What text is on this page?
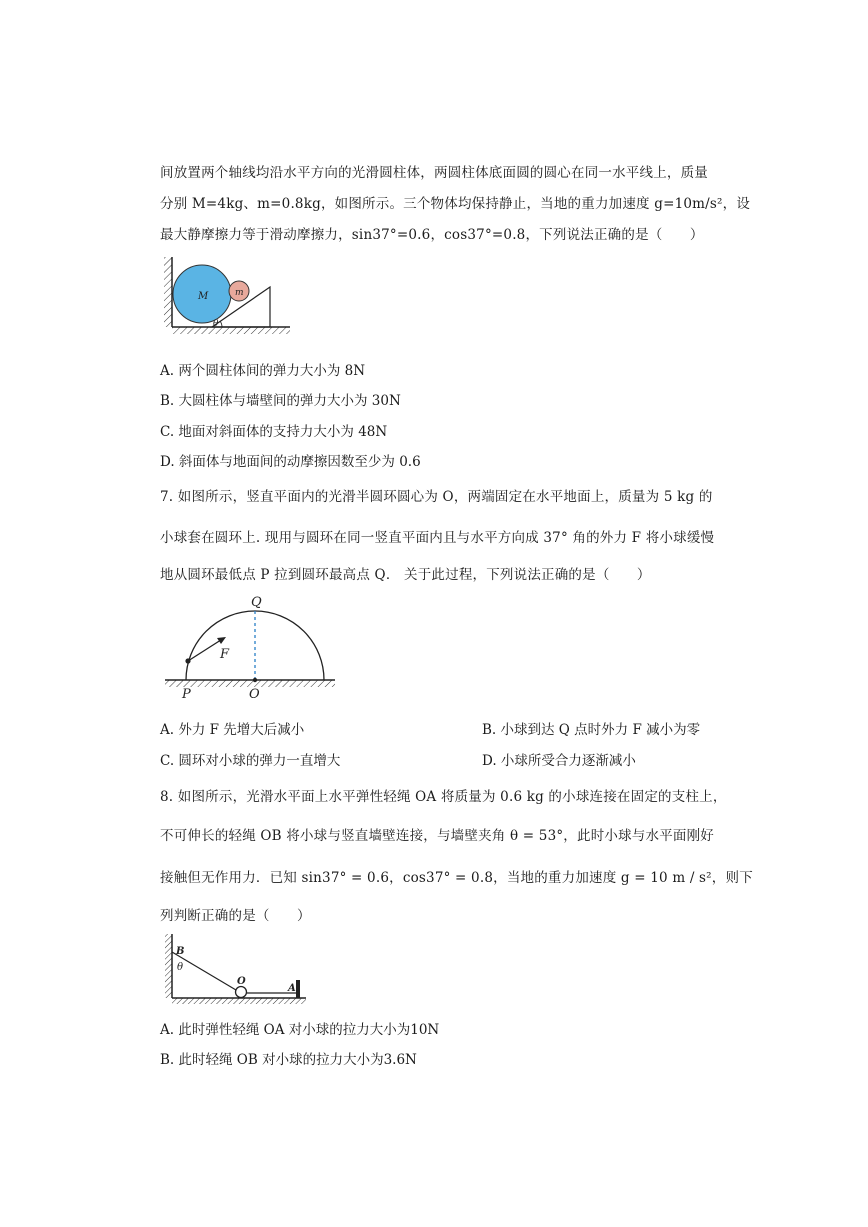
间放置两个轴线均沿水平方向的光滑圆柱体，两圆柱体底面圆的圆心在同一水平线上，质量
分别 M=4kg、m=0.8kg，如图所示。三个物体均保持静止，当地的重力加速度 g=10m/s²，设
最大静摩擦力等于滑动摩擦力，sin37°=0.6，cos37°=0.8，下列说法正确的是（　　）
M	m
θ
A. 两个圆柱体间的弹力大小为 8N
B. 大圆柱体与墙壁间的弹力大小为 30N
C. 地面对斜面体的支持力大小为 48N
D. 斜面体与地面间的动摩擦因数至少为 0.6
7. 如图所示，竖直平面内的光滑半圆环圆心为 O，两端固定在水平地面上，质量为 5 kg 的
小球套在圆环上. 现用与圆环在同一竖直平面内且与水平方向成 37° 角的外力 F 将小球缓慢
地从圆环最低点 P 拉到圆环最高点 Q． 关于此过程，下列说法正确的是（　　）
Q
F
P	O
A. 外力 F 先增大后减小	B. 小球到达 Q 点时外力 F 减小为零
C. 圆环对小球的弹力一直增大	D. 小球所受合力逐渐减小
8. 如图所示，光滑水平面上水平弹性轻绳 OA 将质量为 0.6 kg 的小球连接在固定的支柱上，
不可伸长的轻绳 OB 将小球与竖直墙壁连接，与墙壁夹角 θ = 53°，此时小球与水平面刚好
接触但无作用力．已知 sin37° = 0.6，cos37° = 0.8，当地的重力加速度 g = 10 m / s²，则下
列判断正确的是（　　）
B
θ
O
A
A. 此时弹性轻绳 OA 对小球的拉力大小为10N
B. 此时轻绳 OB 对小球的拉力大小为3.6N
